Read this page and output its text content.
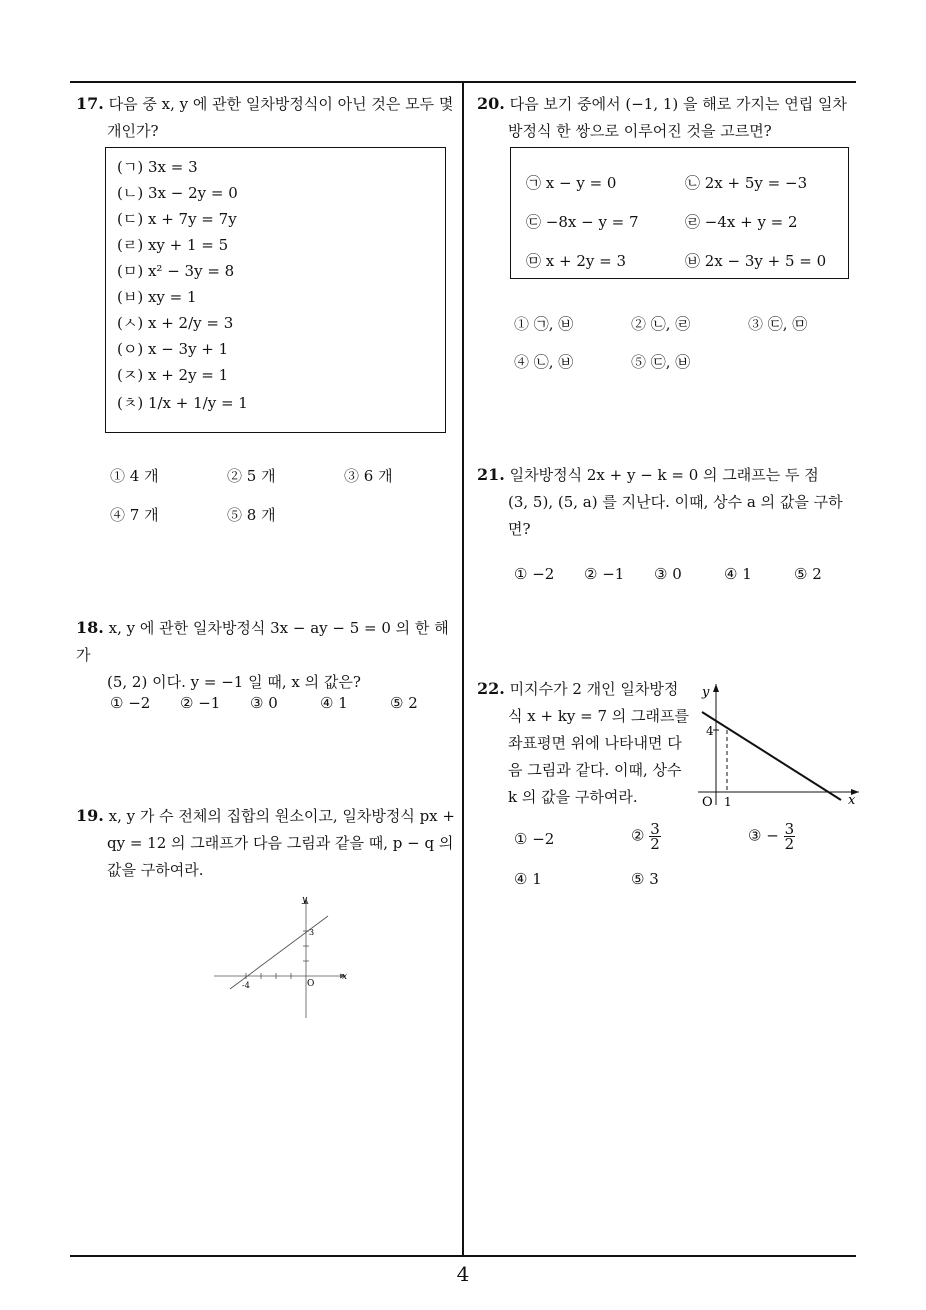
17. 다음 중 x, y 에 관한 일차방정식이 아닌 것은 모두 몇
개인가?
(ㄱ) 3x = 3
(ㄴ) 3x − 2y = 0
(ㄷ) x + 7y = 7y
(ㄹ) xy + 1 = 5
(ㅁ) x² − 3y = 8
(ㅂ) xy = 1
(ㅅ) x + 2/y = 3
(ㅇ) x − 3y + 1
(ㅈ) x + 2y = 1
(ㅊ) 1/x + 1/y = 1
① 4 개	② 5 개	③ 6 개
④ 7 개	⑤ 8 개
18. x, y 에 관한 일차방정식 3x − ay − 5 = 0 의 한 해가
(5, 2) 이다. y = −1 일 때, x 의 값은?
① −2 ② −1 ③ 0	④ 1	⑤ 2
19. x, y 가 수 전체의 집합의 원소이고, 일차방정식 px +
qy = 12 의 그래프가 다음 그림과 같을 때, p − q 의
값을 구하여라.
x
y
O
-4
3
20. 다음 보기 중에서 (−1, 1) 을 해로 가지는 연립 일차
방정식 한 쌍으로 이루어진 것을 고르면?
㉠ x − y = 0	㉡ 2x + 5y = −3
㉢ −8x − y = 7	㉣ −4x + y = 2
㉤ x + 2y = 3	㉥ 2x − 3y + 5 = 0
① ㉠, ㉥	② ㉡, ㉣	③ ㉢, ㉤
④ ㉡, ㉥	⑤ ㉢, ㉥
21. 일차방정식 2x + y − k = 0 의 그래프는 두 점
(3, 5), (5, a) 를 지난다. 이때, 상수 a 의 값을 구하
면?
① −2 ② −1 ③ 0	④ 1	⑤ 2
22. 미지수가 2 개인 일차방정
식 x + ky = 7 의 그래프를
좌표평면 위에 나타내면 다
음 그림과 같다. 이때, 상수
k 의 값을 구하여라.	x
y
O 1
4
① −2	② $\frac{3}{2}$	③ − $\frac{3}{2}$
④ 1	⑤ 3
4
